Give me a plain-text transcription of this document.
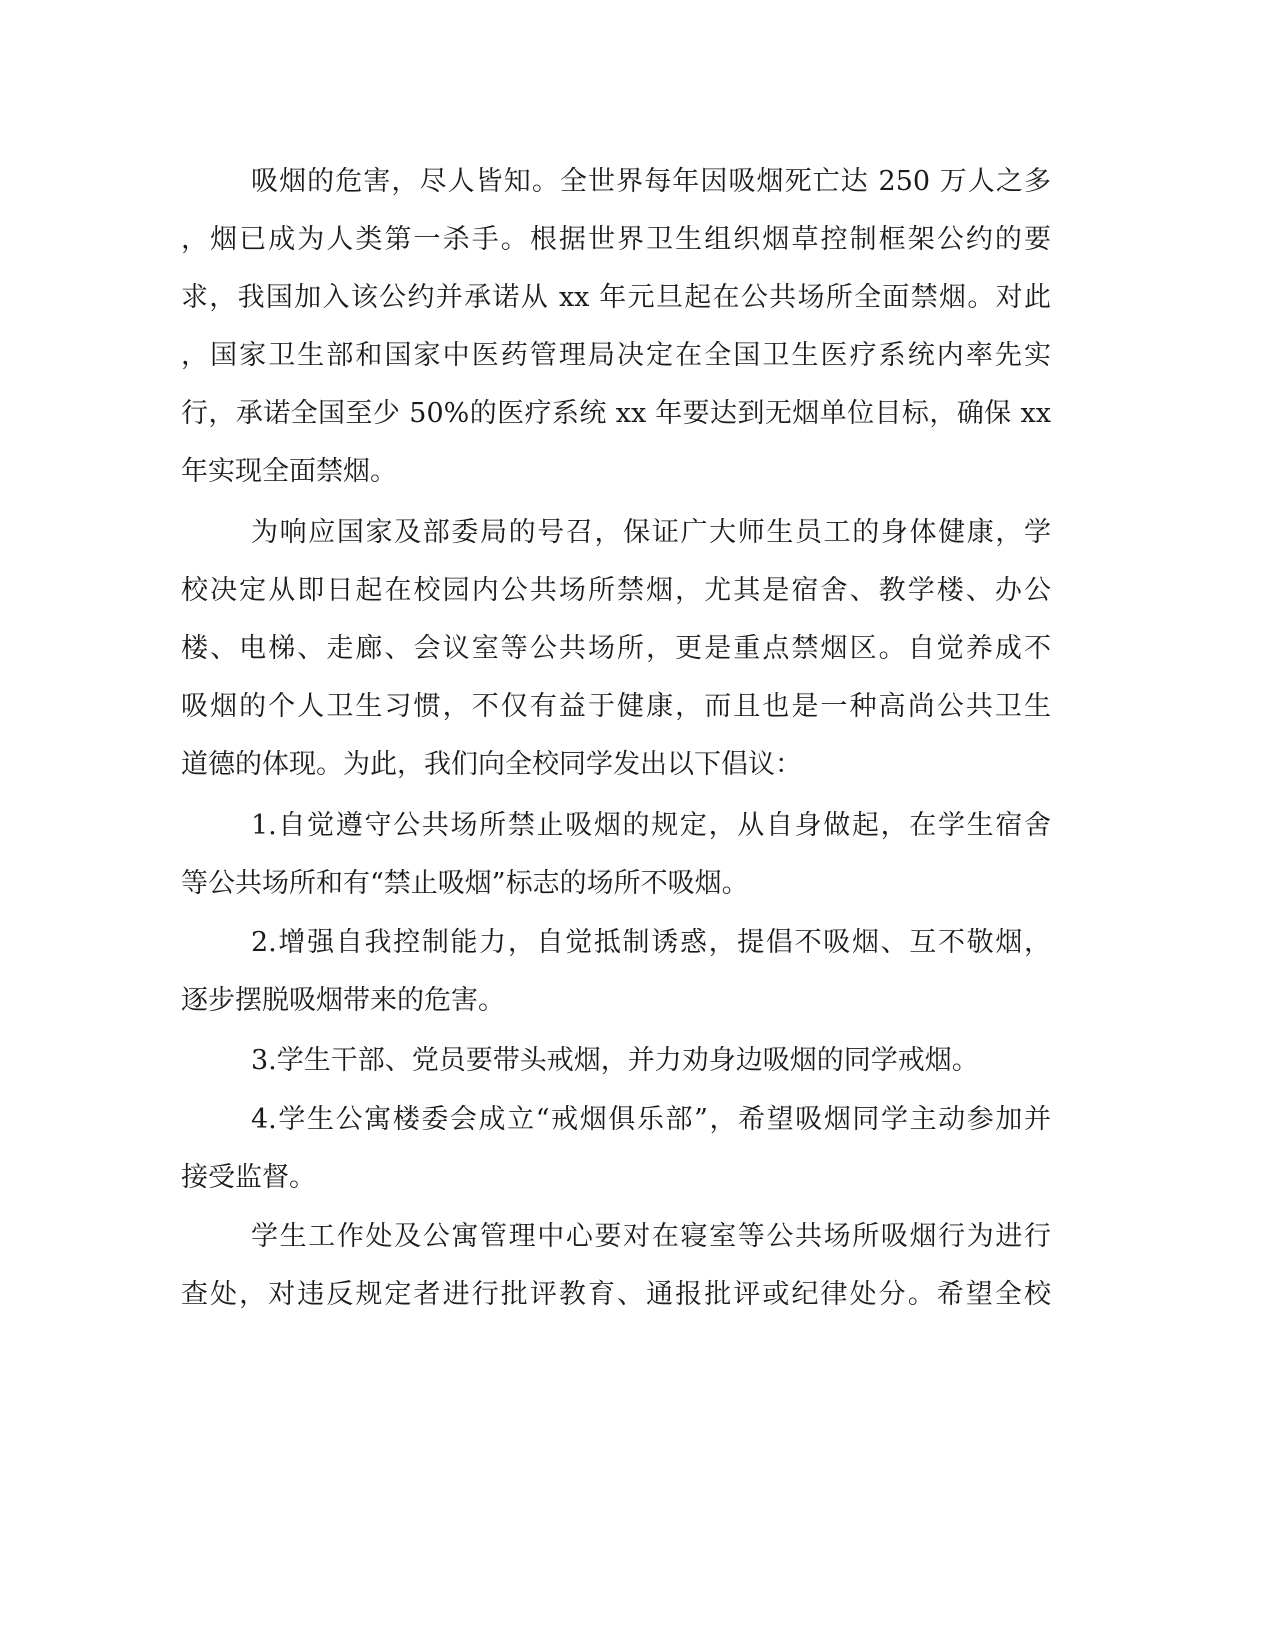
吸烟的危害，尽人皆知。全世界每年因吸烟死亡达 250 万人之多
，烟已成为人类第一杀手。根据世界卫生组织烟草控制框架公约的要
求，我国加入该公约并承诺从 xx 年元旦起在公共场所全面禁烟。对此
，国家卫生部和国家中医药管理局决定在全国卫生医疗系统内率先实
行，承诺全国至少 50%的医疗系统 xx 年要达到无烟单位目标，确保 xx
年实现全面禁烟。
为响应国家及部委局的号召，保证广大师生员工的身体健康，学
校决定从即日起在校园内公共场所禁烟，尤其是宿舍、教学楼、办公
楼、电梯、走廊、会议室等公共场所，更是重点禁烟区。自觉养成不
吸烟的个人卫生习惯，不仅有益于健康，而且也是一种高尚公共卫生
道德的体现。为此，我们向全校同学发出以下倡议：
1.自觉遵守公共场所禁止吸烟的规定，从自身做起，在学生宿舍
等公共场所和有“禁止吸烟”标志的场所不吸烟。
2.增强自我控制能力，自觉抵制诱惑，提倡不吸烟、互不敬烟，
逐步摆脱吸烟带来的危害。
3.学生干部、党员要带头戒烟，并力劝身边吸烟的同学戒烟。
4.学生公寓楼委会成立“戒烟俱乐部”，希望吸烟同学主动参加并
接受监督。
学生工作处及公寓管理中心要对在寝室等公共场所吸烟行为进行
查处，对违反规定者进行批评教育、通报批评或纪律处分。希望全校
